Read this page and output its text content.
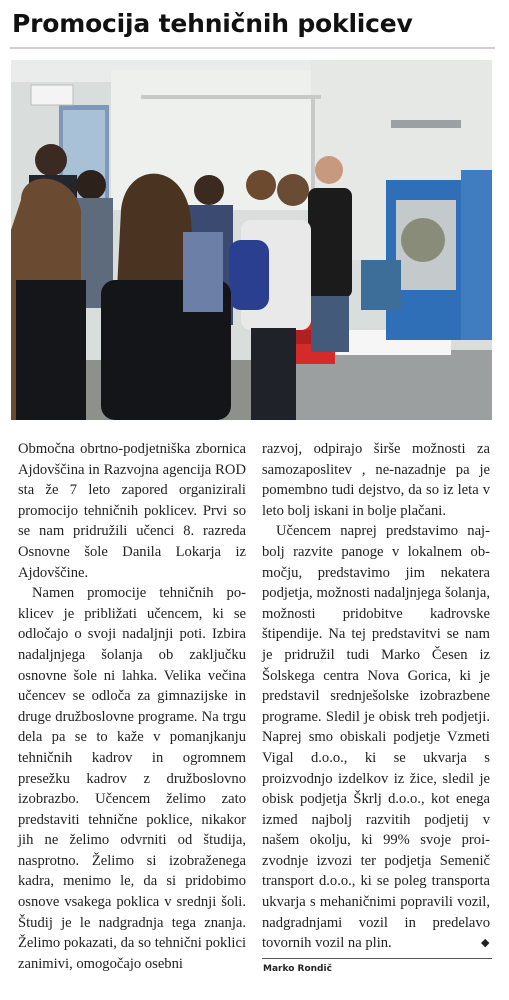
Promocija tehničnih poklicev

Območna obrtno-podjetniška zbornica Ajdovščina in Razvojna agencija ROD sta že 7 leto zapored organizirali promocijo tehničnih poklicev. Prvi so se nam pridružili učenci 8. razreda Osnovne šole Danila Lokarja iz Ajdovščine.

Namen promocije tehničnih poklicev je približati učencem, ki se odločajo o svoji nadaljnji poti. Izbira nadaljnjega šolanja ob zaključku osnovne šole ni lahka. Velika večina učencev se odloča za gimnazijske in druge družboslovne programe. Na trgu dela pa se to kaže v pomanjkanju tehničnih kadrov in ogromnem presežku kadrov z družboslovno izobrazbo. Učencem želimo zato predstaviti tehnične poklice, nikakor jih ne želimo odvrniti od študija, nasprotno. Želimo si izobraženega kadra, menimo le, da si pridobimo osnove vsakega poklica v srednji šoli. Študij je le nadgradnja tega znanja. Želimo pokazati, da so tehnični poklici zanimivi, omogočajo osebni

razvoj, odpirajo širše možnosti za samozaposlitev , ne-nazadnje pa je pomembno tudi dejstvo, da so iz leta v leto bolj iskani in bolje plačani.

Učencem naprej predstavimo najbolj razvite panoge v lokalnem območju, predstavimo jim nekatera podjetja, možnosti nadaljnjega šolanja, možnosti pridobitve kadrovske štipendije. Na tej predstavitvi se nam je pridružil tudi Marko Česen iz Šolskega centra Nova Gorica, ki je predstavil srednješolske izobrazbene programe. Sledil je obisk treh podjetji. Naprej smo obiskali podjetje Vzmeti Vigal d.o.o., ki se ukvarja s proizvodnjo izdelkov iz žice, sledil je obisk podjetja Škrlj d.o.o., kot enega izmed najbolj razvitih podjetij v našem okolju, ki 99% svoje proizvodnje izvozi ter podjetja Semenič transport d.o.o., ki se poleg transporta ukvarja s mehaničnimi popravili vozil, nadgradnjami vozil in predelavo tovornih vozil na plin.	◆
Marko Rondič
